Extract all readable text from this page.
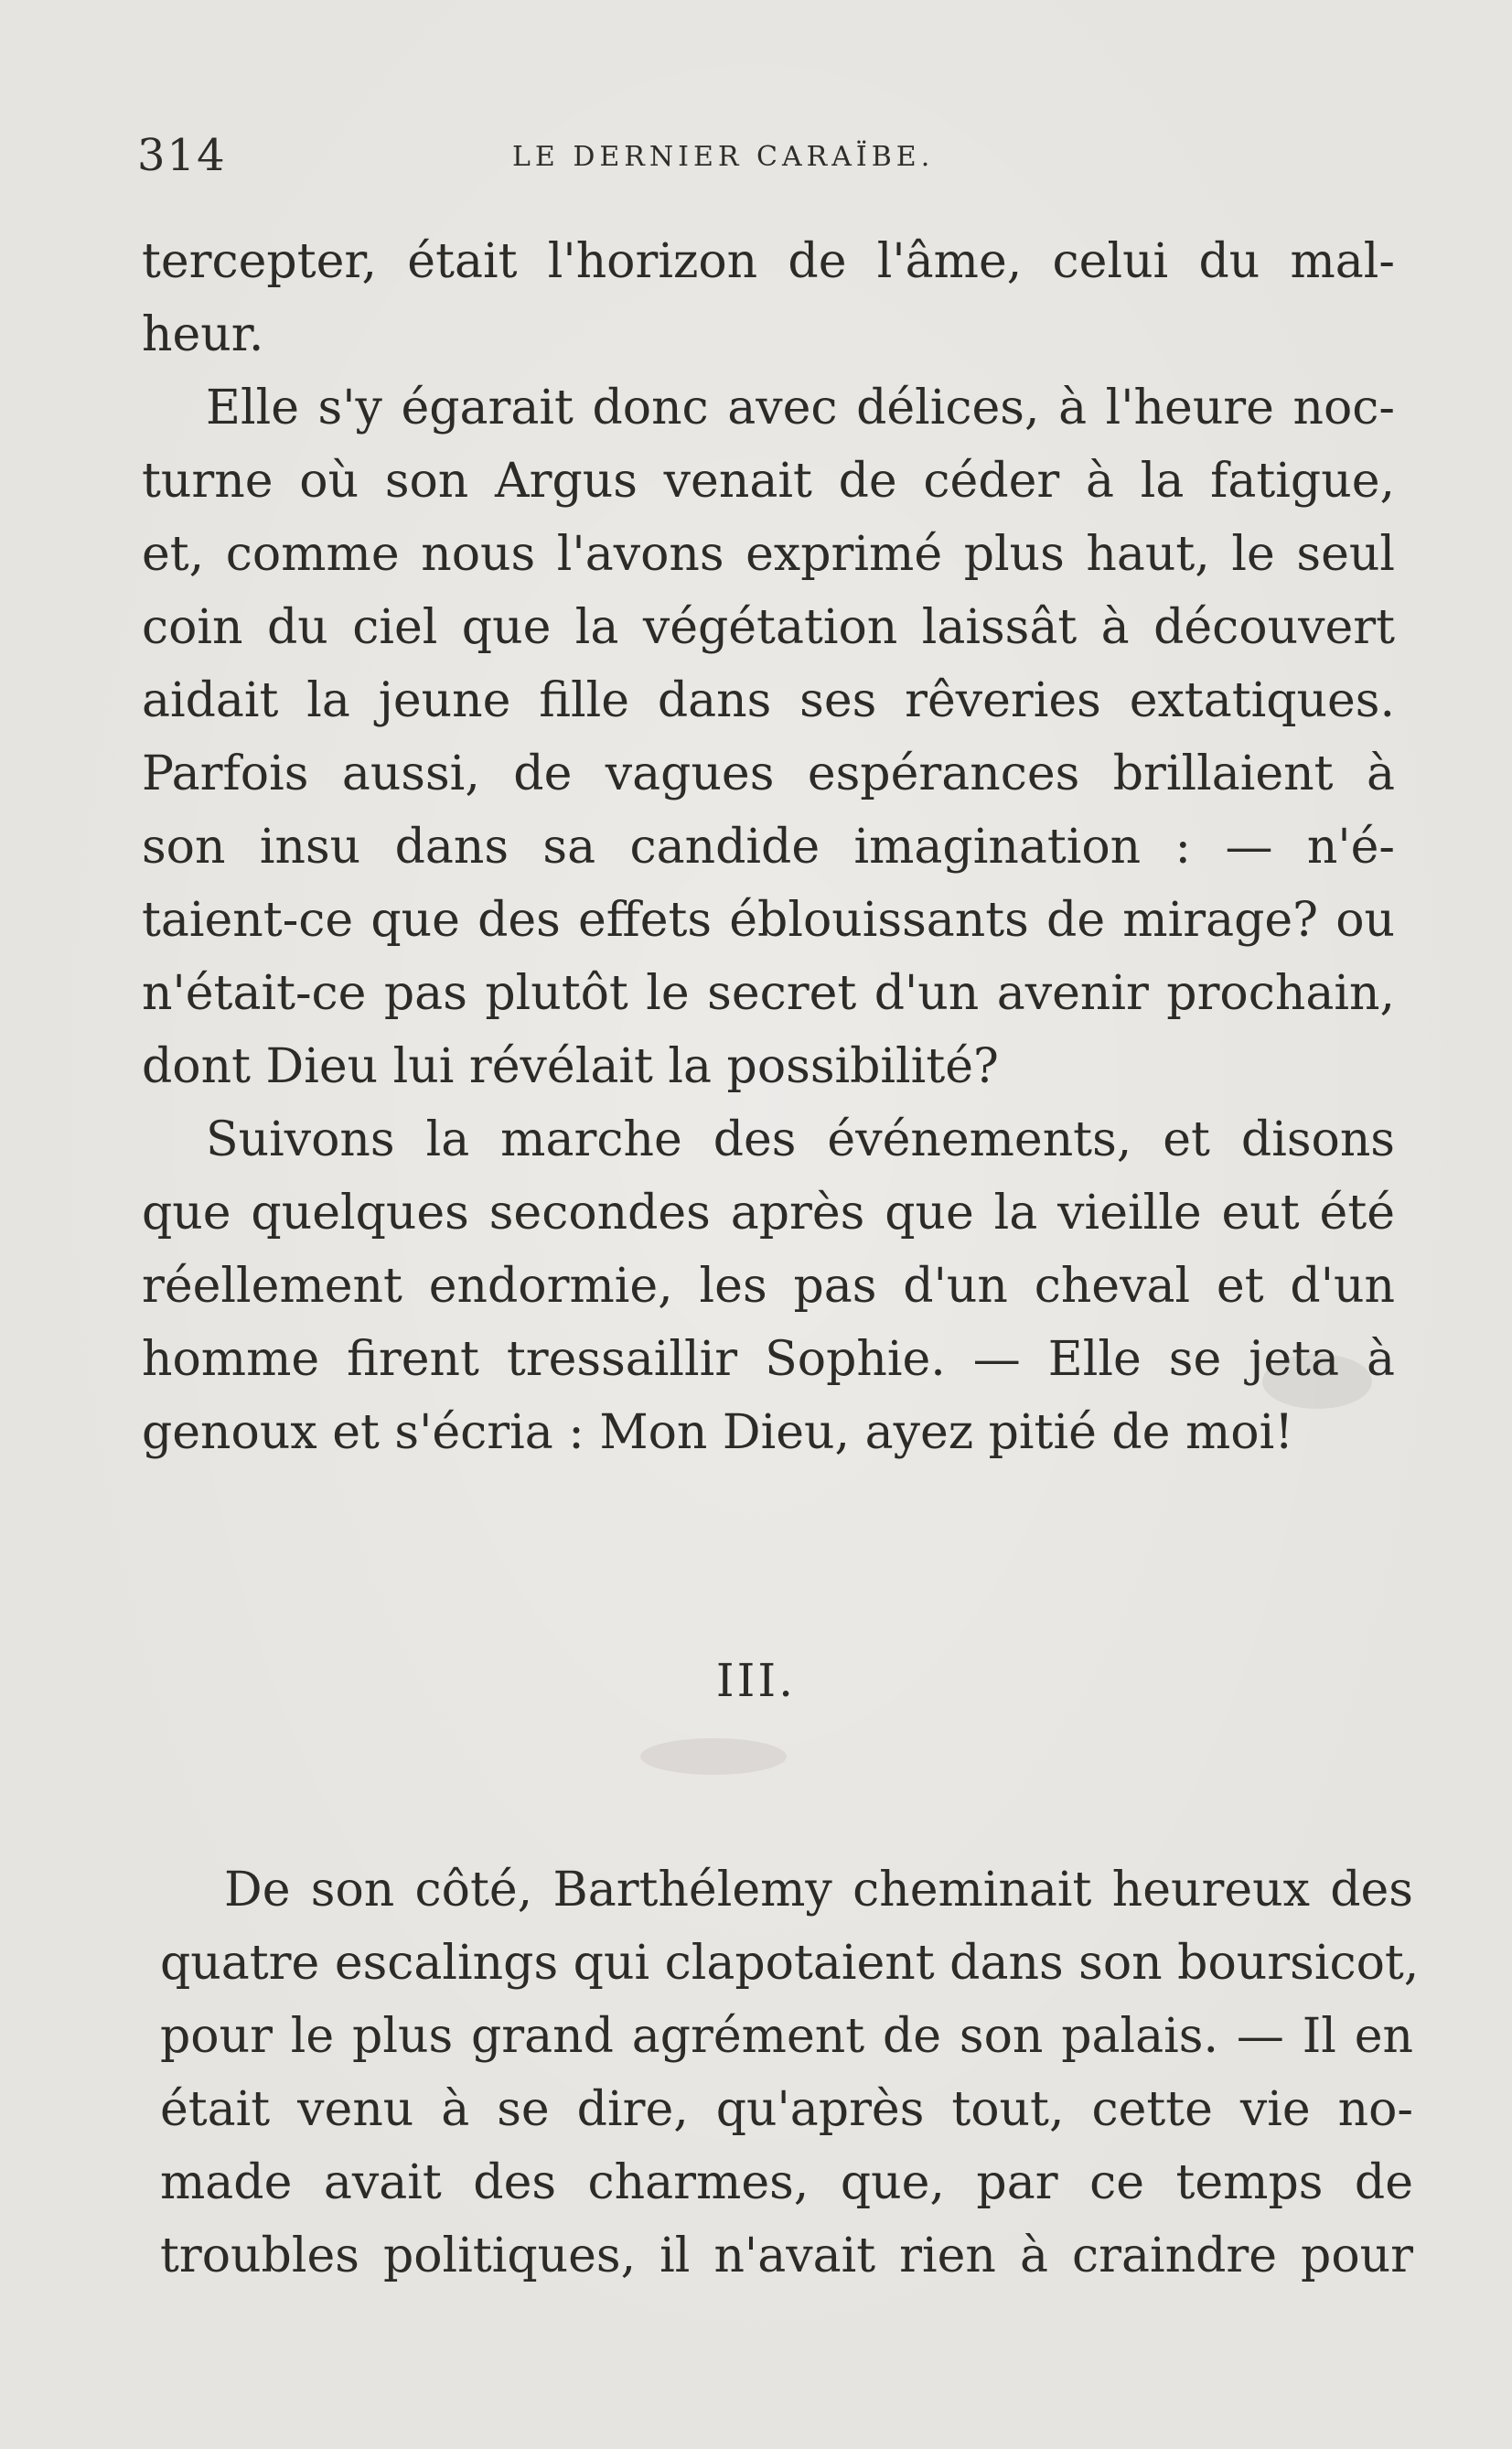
314	LE DERNIER CARAÏBE.
tercepter, était l'horizon de l'âme, celui du mal-
heur.
Elle s'y égarait donc avec délices, à l'heure noc-
turne où son Argus venait de céder à la fatigue,
et, comme nous l'avons exprimé plus haut, le seul
coin du ciel que la végétation laissât à découvert
aidait la jeune fille dans ses rêveries extatiques.
Parfois aussi, de vagues espérances brillaient à
son insu dans sa candide imagination : — n'é-
taient-ce que des effets éblouissants de mirage? ou
n'était-ce pas plutôt le secret d'un avenir prochain,
dont Dieu lui révélait la possibilité?
Suivons la marche des événements, et disons
que quelques secondes après que la vieille eut été
réellement endormie, les pas d'un cheval et d'un
homme firent tressaillir Sophie. — Elle se jeta à
genoux et s'écria : Mon Dieu, ayez pitié de moi!
III.
De son côté, Barthélemy cheminait heureux des
quatre escalings qui clapotaient dans son boursicot,
pour le plus grand agrément de son palais. — Il en
était venu à se dire, qu'après tout, cette vie no-
made avait des charmes, que, par ce temps de
troubles politiques, il n'avait rien à craindre pour
